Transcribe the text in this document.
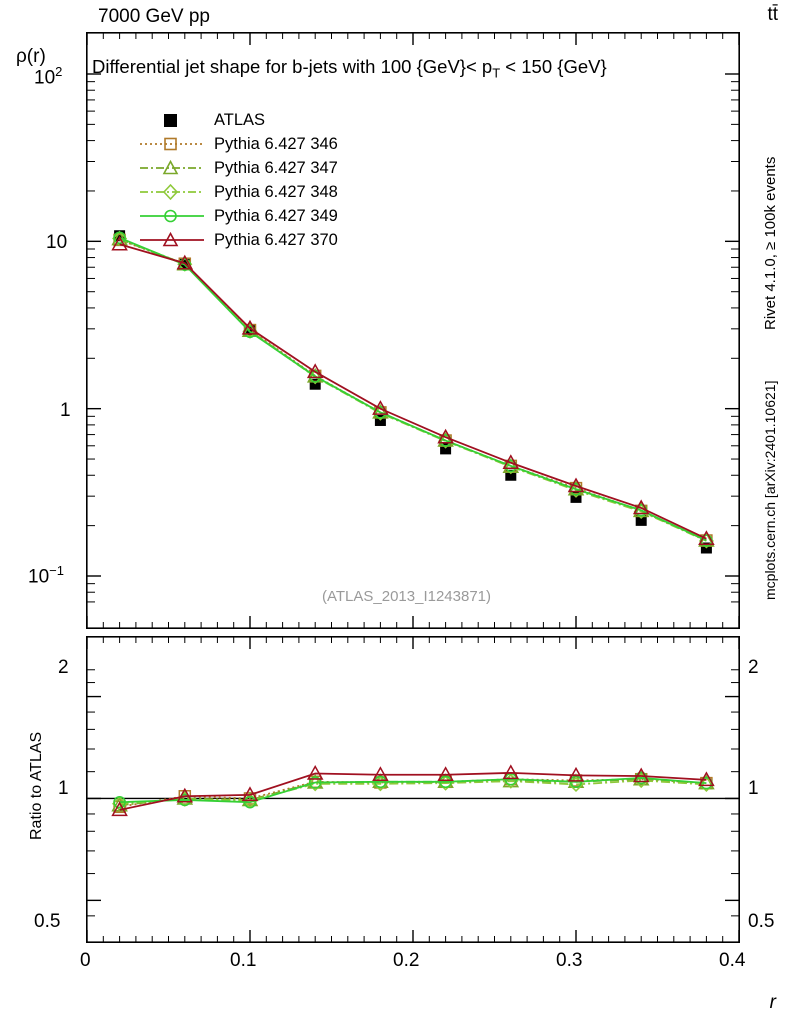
7000 GeV pp	tt̄
ρ(r) Differential jet shape for b-jets with 100 $\{GeV\}< p_T < 150$ {GeV}
(ATLAS_2013_I1243871)
$10^2$
10
1
$10^{-1}$
ATLAS
Pythia 6.427 346
Pythia 6.427 347
Pythia 6.427 348
Pythia 6.427 349
Pythia 6.427 370
2
1
0.5
2
1
0.5
Ratio to ATLAS
0	0.1	0.2	0.3	0.4
r
Rivet 4.1.0, ≥ 100k events
mcplots.cern.ch [arXiv:2401.10621]
